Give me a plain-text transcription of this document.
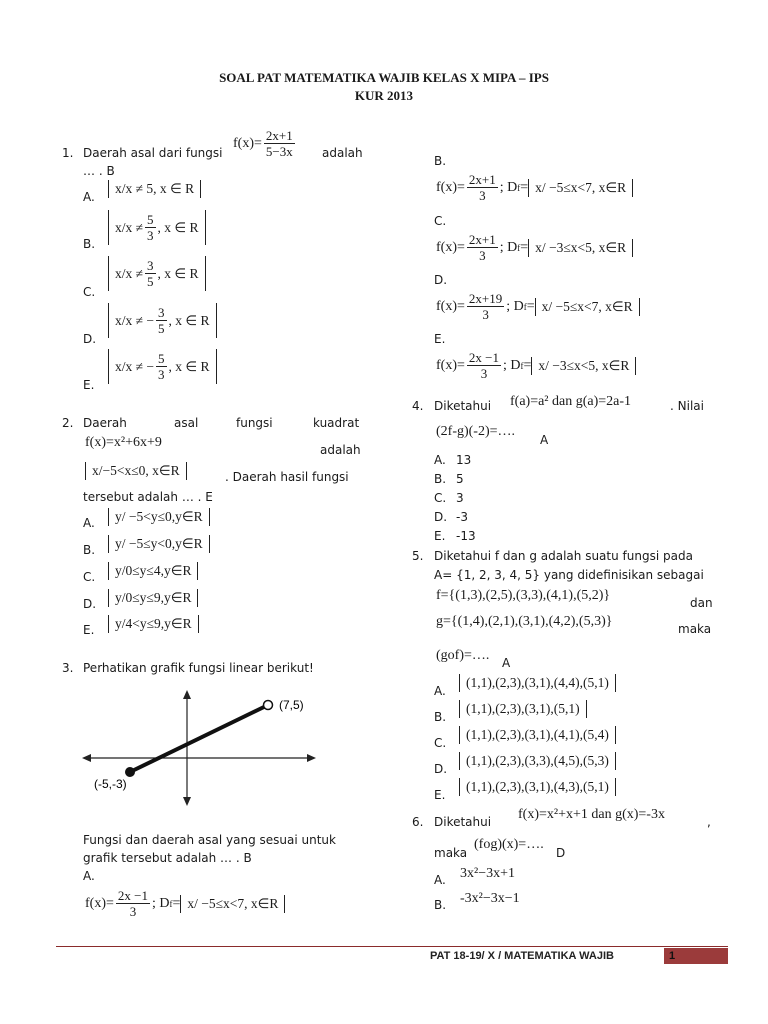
SOAL PAT MATEMATIKA WAJIB KELAS X MIPA – IPS
KUR 2013
1. Daerah asal dari fungsi
$f(x)= \frac{2x+1}{5-3x}$ adalah
… . B
A.
x/x ≠ 5, x ∈ R
B.
$x/x \ne \frac{5}{3}$ , x ∈ R
C.
$x/x \ne \frac{3}{5}$ , x ∈ R
D.
x/x ≠ − $\frac{3}{5}$ , x ∈ R
E.
x/x ≠ − $\frac{5}{3}$ , x ∈ R
2. Daerah	asal	fungsi	kuadrat
f(x)=x²+6x+9	adalah
x/−5<x≤0, x∈R	. Daerah hasil fungsi
tersebut adalah … . E
A.	y/ −5<y≤0,y∈R
B.	y/ −5≤y<0,y∈R
C.	y/0≤y≤4,y∈R
D.	y/0≤y≤9,y∈R
E.	y/4<y≤9,y∈R
3. Perhatikan grafik fungsi linear berikut!
(7,5)
(-5,-3)
Fungsi dan daerah asal yang sesuai untuk
grafik tersebut adalah … . B
A.
$f(x)= \frac{2x -1}{3}$ ; D f = x/ −5≤x<7, x∈R
B.
$f(x)= \frac{2x+1}{3}$ ; D f = x/ −5≤x<7, x∈R
C.
$f(x)= \frac{2x+1}{3}$ ; D f = x/ −3≤x<5, x∈R
D.
$f(x)= \frac{2x+19}{3}$ ; D f = x/ −5≤x<7, x∈R
E.
$f(x)= \frac{2x -1}{3}$ ; D f = x/ −3≤x<5, x∈R
4. Diketahui f(a)=a² dan g(a)=2a-1	. Nilai
(2f-g)(-2)=….
A
A. 13
B. 5
C. 3
D. -3
E. -13
5. Diketahui f dan g adalah suatu fungsi pada
A= {1, 2, 3, 4, 5} yang didefinisikan sebagai
f={(1,3),(2,5),(3,3),(4,1),(5,2)}	dan
g={(1,4),(2,1),(3,1),(4,2),(5,3)}	maka
(gof)=…. A
A.
(1,1),(2,3),(3,1),(4,4),(5,1)
B.
(1,1),(2,3),(3,1),(5,1)
C.
(1,1),(2,3),(3,1),(4,1),(5,4)
D.
(1,1),(2,3),(3,3),(4,5),(5,3)
E.
(1,1),(2,3),(3,1),(4,3),(5,1)
6. Diketahui f(x)=x²+x+1 dan g(x)=-3x	,
maka
(fog)(x)=….
D
A. 3x²−3x+1
B. -3x²−3x−1
PAT 18-19/ X / MATEMATIKA WAJIB	1
